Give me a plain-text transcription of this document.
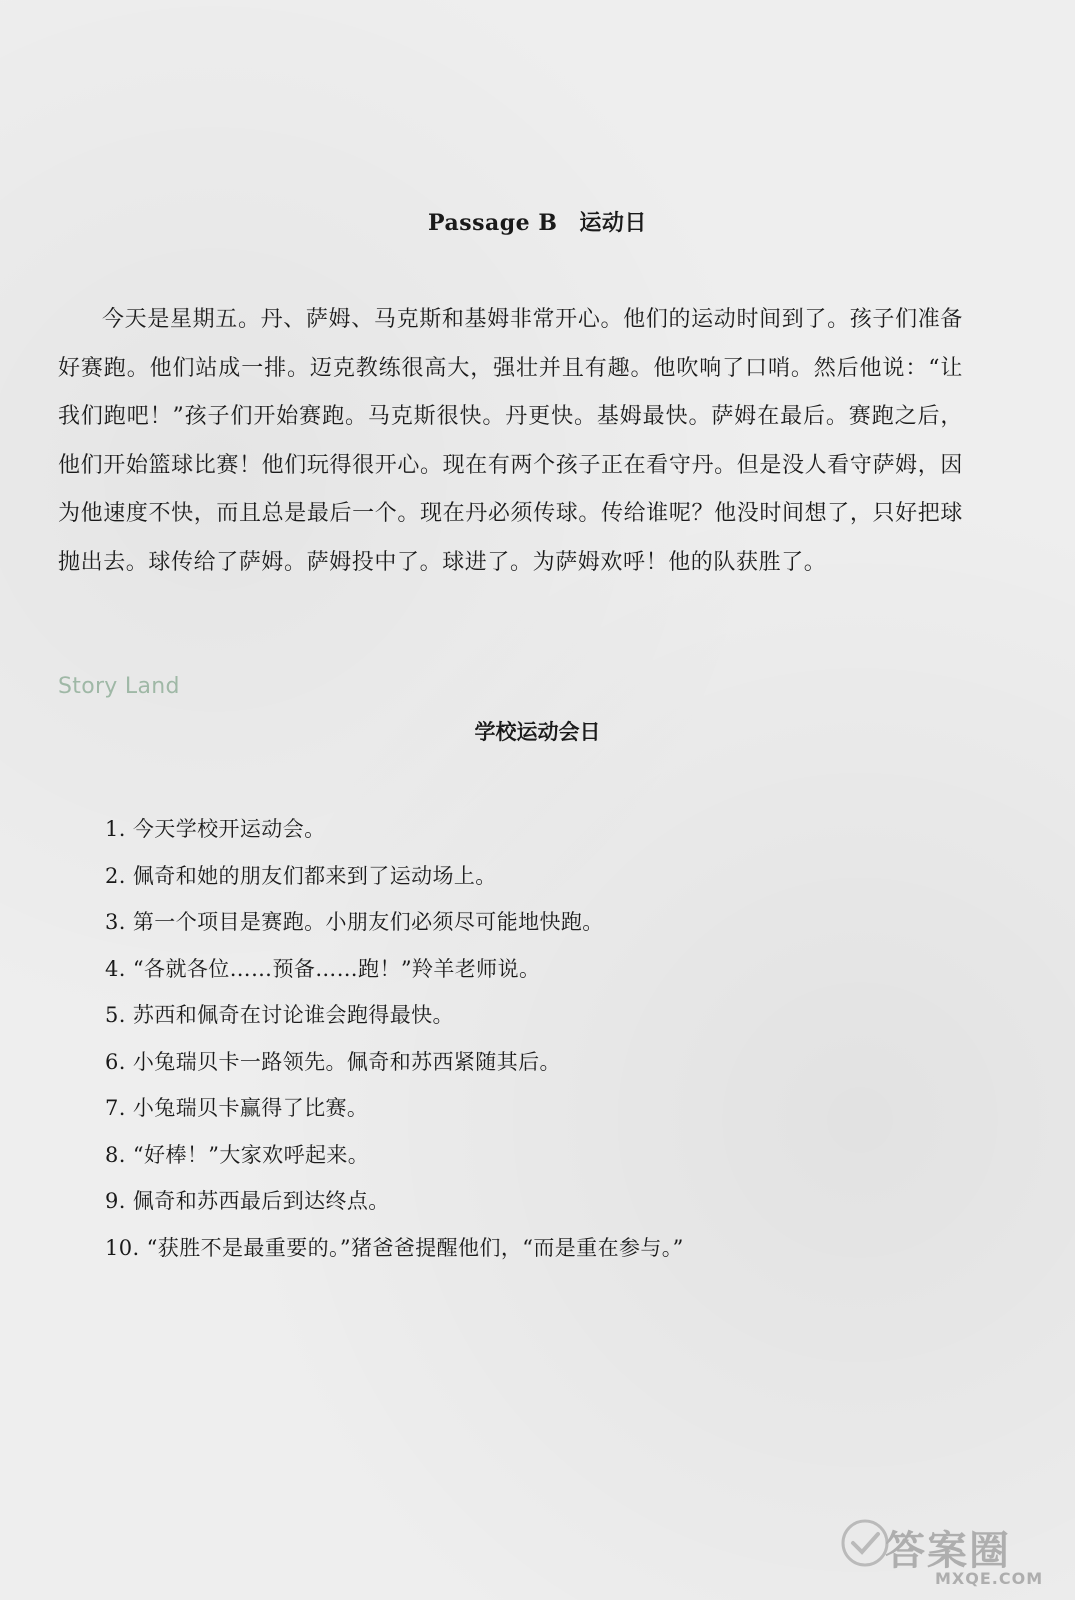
Passage B 运动日
今天是星期五。丹、萨姆、马克斯和基姆非常开心。他们的运动时间到了。孩子们准备好赛跑。他们站成一排。迈克教练很高大，强壮并且有趣。他吹响了口哨。然后他说：“让我们跑吧！”孩子们开始赛跑。马克斯很快。丹更快。基姆最快。萨姆在最后。赛跑之后，他们开始篮球比赛！他们玩得很开心。现在有两个孩子正在看守丹。但是没人看守萨姆，因为他速度不快，而且总是最后一个。现在丹必须传球。传给谁呢？他没时间想了，只好把球抛出去。球传给了萨姆。萨姆投中了。球进了。为萨姆欢呼！他的队获胜了。
Story Land
学校运动会日
1. 今天学校开运动会。
2. 佩奇和她的朋友们都来到了运动场上。
3. 第一个项目是赛跑。小朋友们必须尽可能地快跑。
4. “各就各位……预备……跑！”羚羊老师说。
5. 苏西和佩奇在讨论谁会跑得最快。
6. 小兔瑞贝卡一路领先。佩奇和苏西紧随其后。
7. 小兔瑞贝卡赢得了比赛。
8. “好棒！”大家欢呼起来。
9. 佩奇和苏西最后到达终点。
10. “获胜不是最重要的。”猪爸爸提醒他们，“而是重在参与。”
答案圈
MXQE.COM
